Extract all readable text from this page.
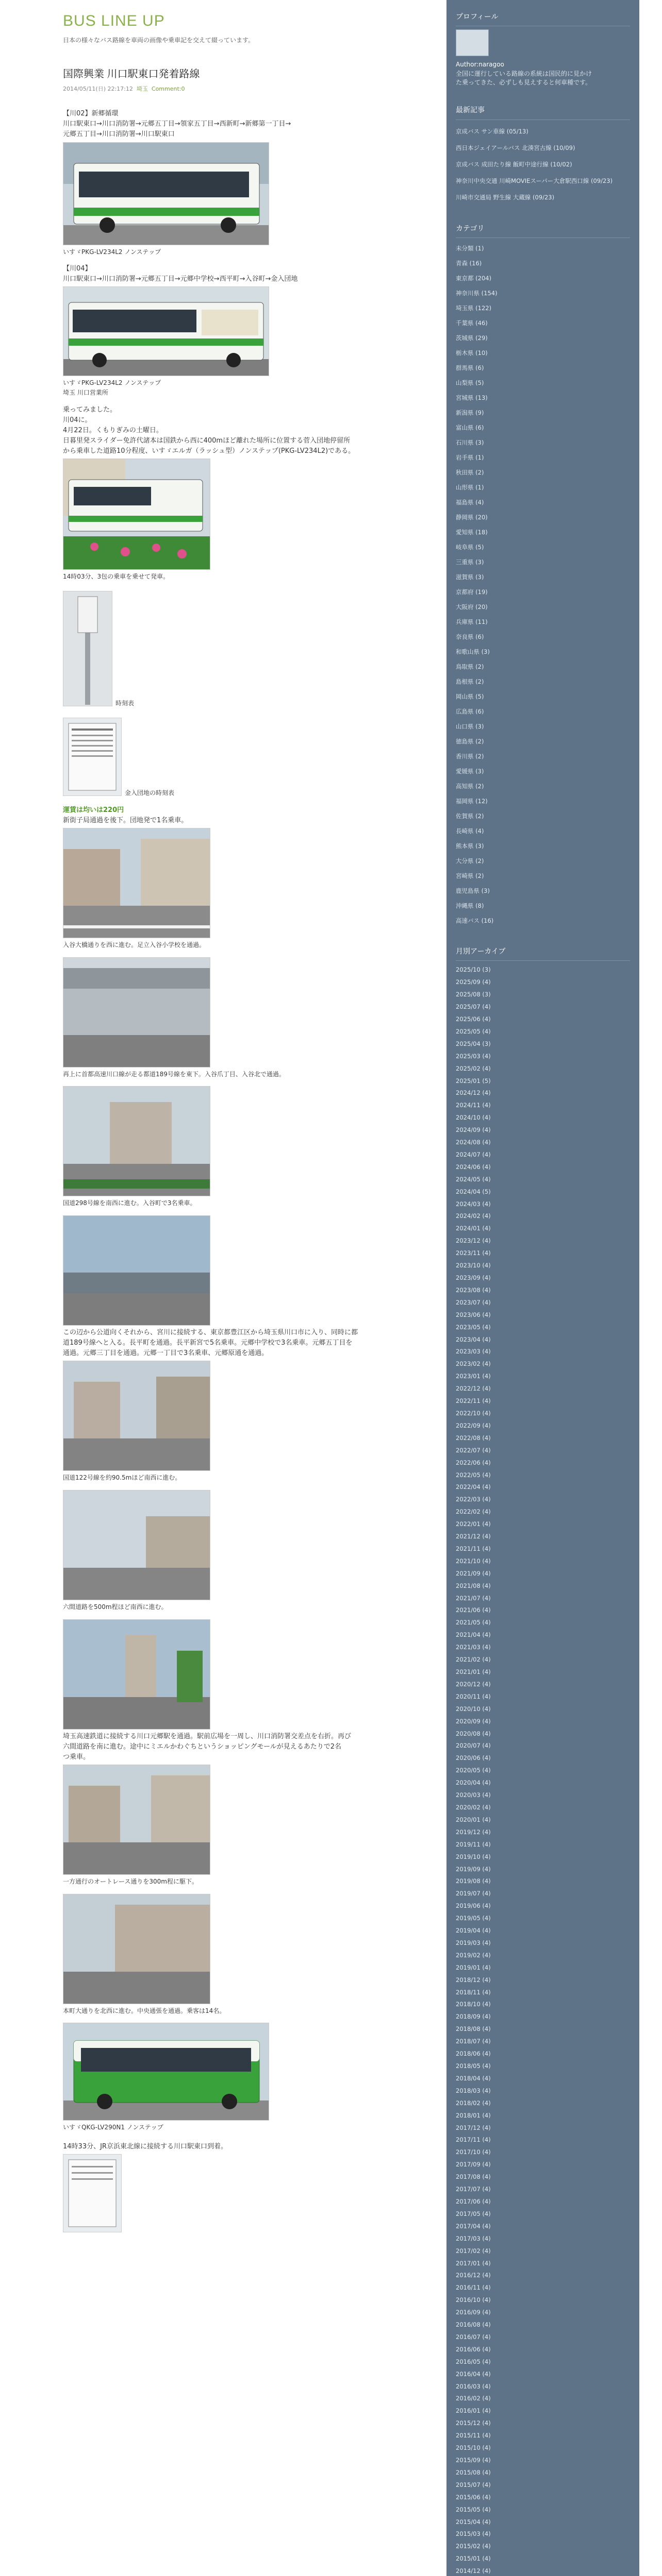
BUS LINE UP
日本の様々なバス路線を車両の画像や乗車記を交えて綴っています。
国際興業 川口駅東口発着路線
2014/05/11(日) 22:17:12 埼玉 Comment:0

【川02】新郷循環
川口駅東口→川口消防署→元郷五丁目→領家五丁目→西新町→新郷第一丁目→
元郷五丁目→川口消防署→川口駅東口

いすゞPKG-LV234L2 ノンステップ

【川04】
川口駅東口→川口消防署→元郷五丁目→元郷中学校→西平町→入谷町→金入団地

いすゞPKG-LV234L2 ノンステップ
埼玉 川口営業所

乗ってみました。

川04に。

4月22日。くもりぎみの土曜日。
日暮里発スライダー免許代諸本は国鉄から西に400mほど離れた場所に位置する菅入団地停留所
から乗車した道路10分程度、いすゞエルガ（ラッシュ型）ノンステップ(PKG-LV234L2)である。

14時03分、3包の乗車を乗せて発車。
時刻表
金入団地の時刻表
運賃は均いは220円

新街子局通過を後下。団地発で1名乗車。

入谷大橋通りを西に進む。足立入谷小学校を通過。
再上に首都高速川口線が走る都道189号線を東下。入谷爪丁目、入谷北で通過。
国道298号線を南西に進む。入谷町で3名乗車。

この辺から公道向くそれから、宮川に接続する、東京都豊江区から埼玉県川口市に入り、同時に都
道189号線へと入る。長平町を通過。長平新宮で5名乗車。元郷中学校で3名乗車。元郷五丁目を
通過。元郷三丁目を通過。元郷一丁目で3名乗車、元郷原通を通過。

国道122号線を約90.5mほど南西に進む。
六間道路を500m程ほど南西に進む。

埼玉高速鉄道に接続する川口元郷駅を通過。駅前広場を一周し、川口消防署交差点を右折。再び
六間道路を南に進む。途中にミエルかわぐちというショッピングモールが見えるあたりで2名
つ乗車。

一方通行のオートレース通りを300m程に駆下。
本町大通りを北西に進む。中央通張を通過。乗客は14名。
いすゞQKG-LV290N1 ノンステップ

14時33分、JR京浜東北線に接続する川口駅東口到着。

プロフィール
Author:naragoo
全国に運行している路線の系統は国民的に見かけ
た乗ってきた、必ずしも見えすると何車種です。
最新記事
京成バス サン車線 (05/13)
西日本ジェイアールバス 北湊宮古線 (10/09)
京成バス 成田たり線 飯町中途行線 (10/02)
神奈川中央交通 川崎MOVIEスーパー大倉駅西口線 (09/23)
川崎市交通局 野生線 大蔵線 (09/23)
カテゴリ
未分類 (1)
青森 (16)
東京都 (204)
神奈川県 (154)
埼玉県 (122)
千葉県 (46)
茨城県 (29)
栃木県 (10)
群馬県 (6)
山梨県 (5)
宮城県 (13)
新潟県 (9)
富山県 (6)
石川県 (3)
岩手県 (1)
秋田県 (2)
山形県 (1)
福島県 (4)
静岡県 (20)
愛知県 (18)
岐阜県 (5)
三重県 (3)
滋賀県 (3)
京都府 (19)
大阪府 (20)
兵庫県 (11)
奈良県 (6)
和歌山県 (3)
鳥取県 (2)
島根県 (2)
岡山県 (5)
広島県 (6)
山口県 (3)
徳島県 (2)
香川県 (2)
愛媛県 (3)
高知県 (2)
福岡県 (12)
佐賀県 (2)
長崎県 (4)
熊本県 (3)
大分県 (2)
宮崎県 (2)
鹿児島県 (3)
沖縄県 (8)
高速バス (16)
月別アーカイブ
2025/10 (3)
2025/09 (4)
2025/08 (3)
2025/07 (4)
2025/06 (4)
2025/05 (4)
2025/04 (3)
2025/03 (4)
2025/02 (4)
2025/01 (5)
2024/12 (4)
2024/11 (4)
2024/10 (4)
2024/09 (4)
2024/08 (4)
2024/07 (4)
2024/06 (4)
2024/05 (4)
2024/04 (5)
2024/03 (4)
2024/02 (4)
2024/01 (4)
2023/12 (4)
2023/11 (4)
2023/10 (4)
2023/09 (4)
2023/08 (4)
2023/07 (4)
2023/06 (4)
2023/05 (4)
2023/04 (4)
2023/03 (4)
2023/02 (4)
2023/01 (4)
2022/12 (4)
2022/11 (4)
2022/10 (4)
2022/09 (4)
2022/08 (4)
2022/07 (4)
2022/06 (4)
2022/05 (4)
2022/04 (4)
2022/03 (4)
2022/02 (4)
2022/01 (4)
2021/12 (4)
2021/11 (4)
2021/10 (4)
2021/09 (4)
2021/08 (4)
2021/07 (4)
2021/06 (4)
2021/05 (4)
2021/04 (4)
2021/03 (4)
2021/02 (4)
2021/01 (4)
2020/12 (4)
2020/11 (4)
2020/10 (4)
2020/09 (4)
2020/08 (4)
2020/07 (4)
2020/06 (4)
2020/05 (4)
2020/04 (4)
2020/03 (4)
2020/02 (4)
2020/01 (4)
2019/12 (4)
2019/11 (4)
2019/10 (4)
2019/09 (4)
2019/08 (4)
2019/07 (4)
2019/06 (4)
2019/05 (4)
2019/04 (4)
2019/03 (4)
2019/02 (4)
2019/01 (4)
2018/12 (4)
2018/11 (4)
2018/10 (4)
2018/09 (4)
2018/08 (4)
2018/07 (4)
2018/06 (4)
2018/05 (4)
2018/04 (4)
2018/03 (4)
2018/02 (4)
2018/01 (4)
2017/12 (4)
2017/11 (4)
2017/10 (4)
2017/09 (4)
2017/08 (4)
2017/07 (4)
2017/06 (4)
2017/05 (4)
2017/04 (4)
2017/03 (4)
2017/02 (4)
2017/01 (4)
2016/12 (4)
2016/11 (4)
2016/10 (4)
2016/09 (4)
2016/08 (4)
2016/07 (4)
2016/06 (4)
2016/05 (4)
2016/04 (4)
2016/03 (4)
2016/02 (4)
2016/01 (4)
2015/12 (4)
2015/11 (4)
2015/10 (4)
2015/09 (4)
2015/08 (4)
2015/07 (4)
2015/06 (4)
2015/05 (4)
2015/04 (4)
2015/03 (4)
2015/02 (4)
2015/01 (4)
2014/12 (4)
